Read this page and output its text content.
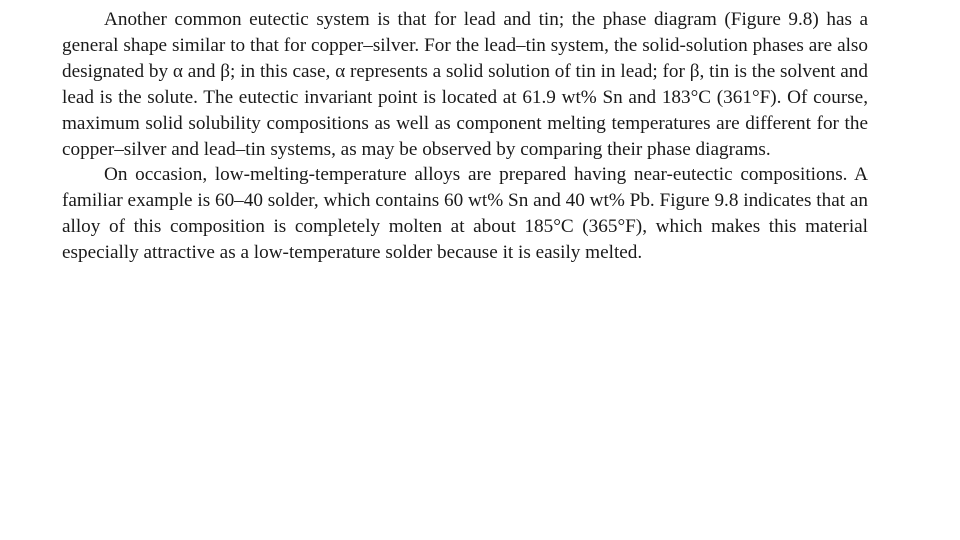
Another common eutectic system is that for lead and tin; the phase diagram (Figure 9.8) has a general shape similar to that for copper–silver. For the lead–tin system, the solid-solution phases are also designated by α and β; in this case, α represents a solid solution of tin in lead; for β, tin is the solvent and lead is the solute. The eutectic invariant point is located at 61.9 wt% Sn and 183°C (361°F). Of course, maximum solid solubility compositions as well as component melting temperatures are different for the copper–silver and lead–tin systems, as may be observed by comparing their phase diagrams.

On occasion, low-melting-temperature alloys are prepared having near-eutectic compositions. A familiar example is 60–40 solder, which contains 60 wt% Sn and 40 wt% Pb. Figure 9.8 indicates that an alloy of this composition is completely molten at about 185°C (365°F), which makes this material especially attractive as a low-temperature solder because it is easily melted.
